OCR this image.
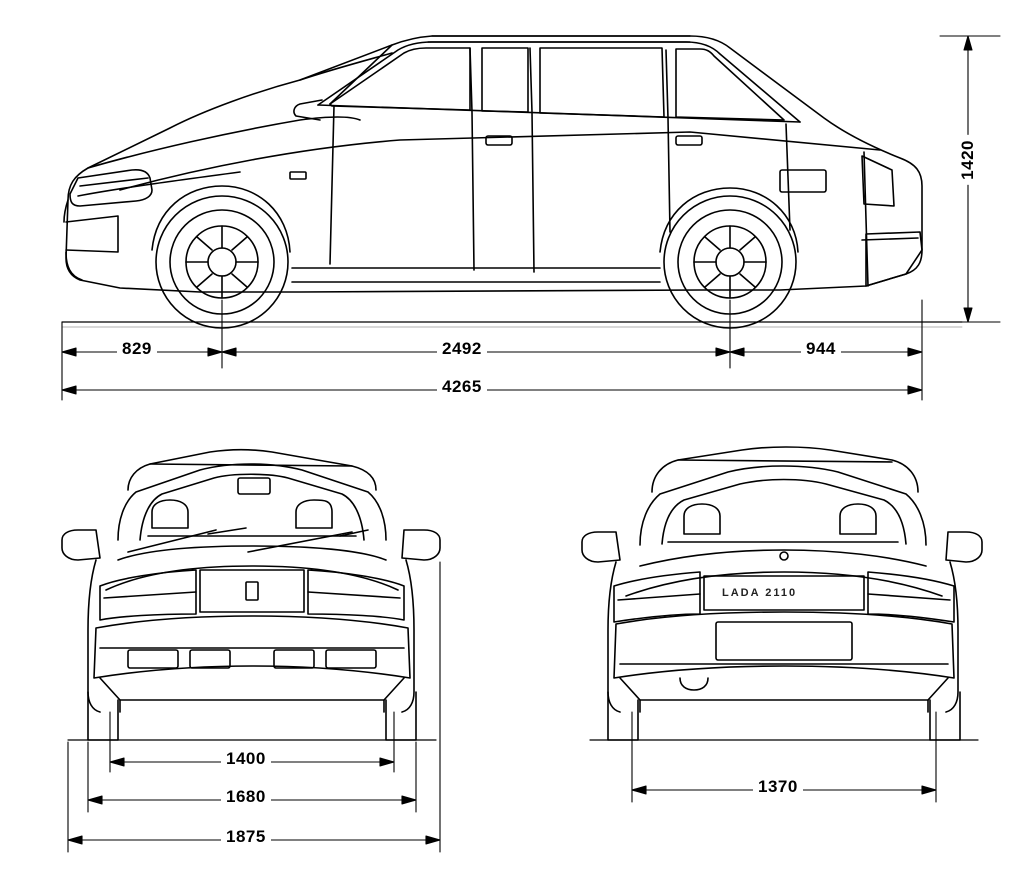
829	2492	944
4265
1420
1400
1680
1875
1370
LADA 2110
